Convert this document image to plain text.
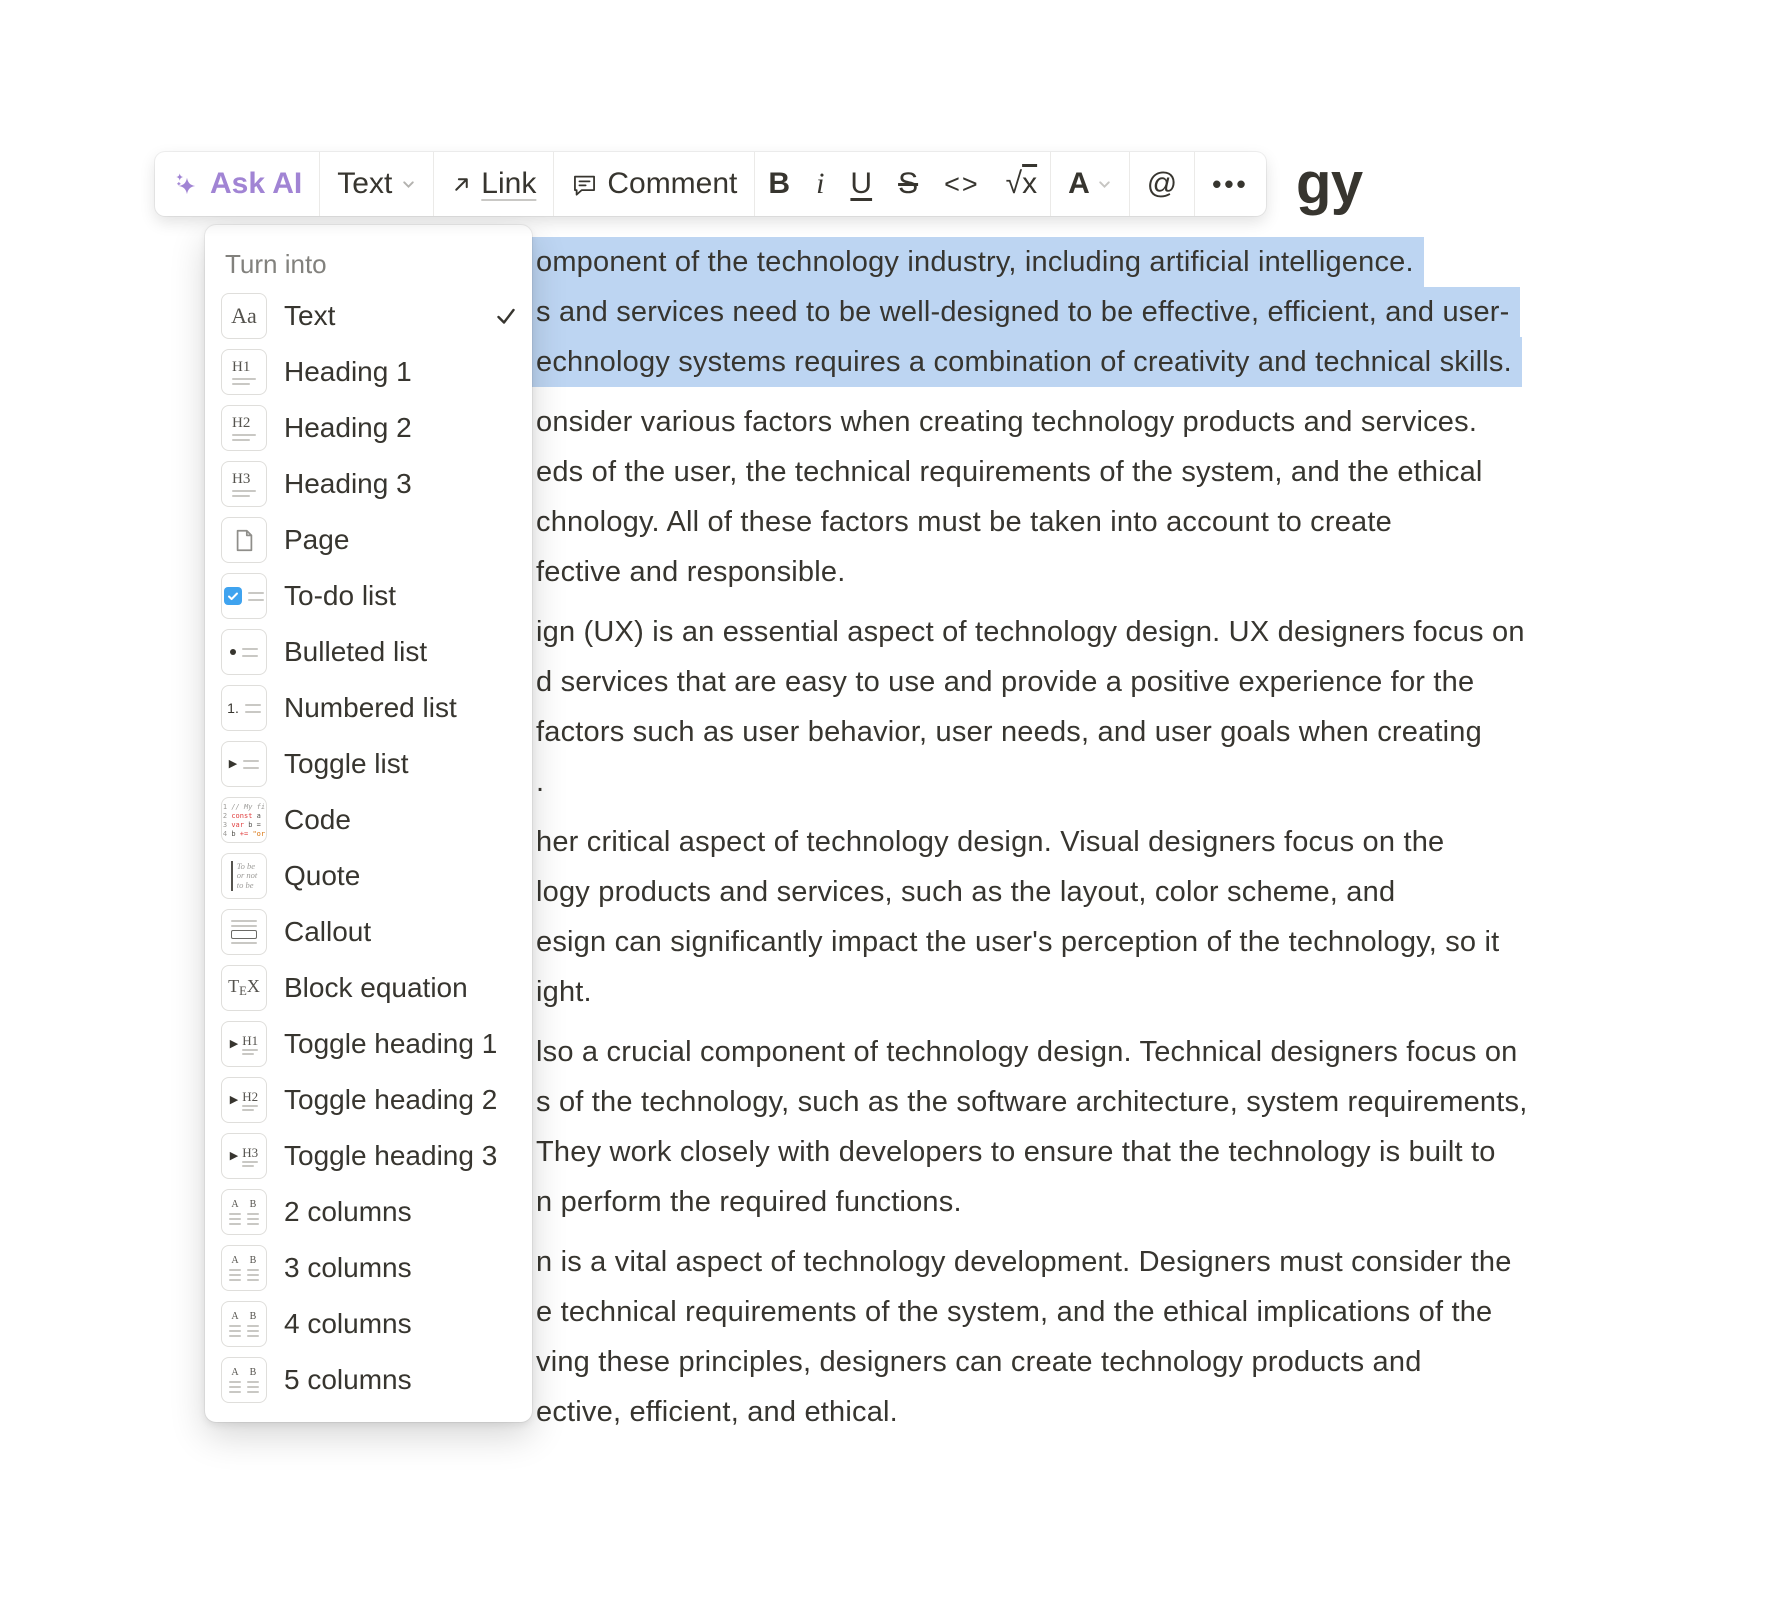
gy
omponent of the technology industry, including artificial intelligence.
s and services need to be well-designed to be effective, efficient, and user-
echnology systems requires a combination of creativity and technical skills.
onsider various factors when creating technology products and services.
eds of the user, the technical requirements of the system, and the ethical
chnology. All of these factors must be taken into account to create
fective and responsible.
ign (UX) is an essential aspect of technology design. UX designers focus on
d services that are easy to use and provide a positive experience for the
factors such as user behavior, user needs, and user goals when creating
.
her critical aspect of technology design. Visual designers focus on the
logy products and services, such as the layout, color scheme, and
esign can significantly impact the user's perception of the technology, so it
ight.
lso a crucial component of technology design. Technical designers focus on
s of the technology, such as the software architecture, system requirements,
They work closely with developers to ensure that the technology is built to
n perform the required functions.
n is a vital aspect of technology development. Designers must consider the
e technical requirements of the system, and the ethical implications of the
ving these principles, designers can create technology products and
ective, efficient, and ethical.
Ask AI Text	Link Comment B i U S <> √x A @ •••
Turn into
Aa Text
H1 Heading 1
H2 Heading 2
H3 Heading 3
Page
To-do list
Bulleted list
1. Numbered list
▶ Toggle list
1 // My fi
2 const a
3 var b =
4 b += "or Code
To be
or not
to be Quote
Callout
TEX Block equation
▶ H1 Toggle heading 1
▶ H2 Toggle heading 2
▶ H3 Toggle heading 3
A B 2 columns
A B 3 columns
A B 4 columns
A B 5 columns
